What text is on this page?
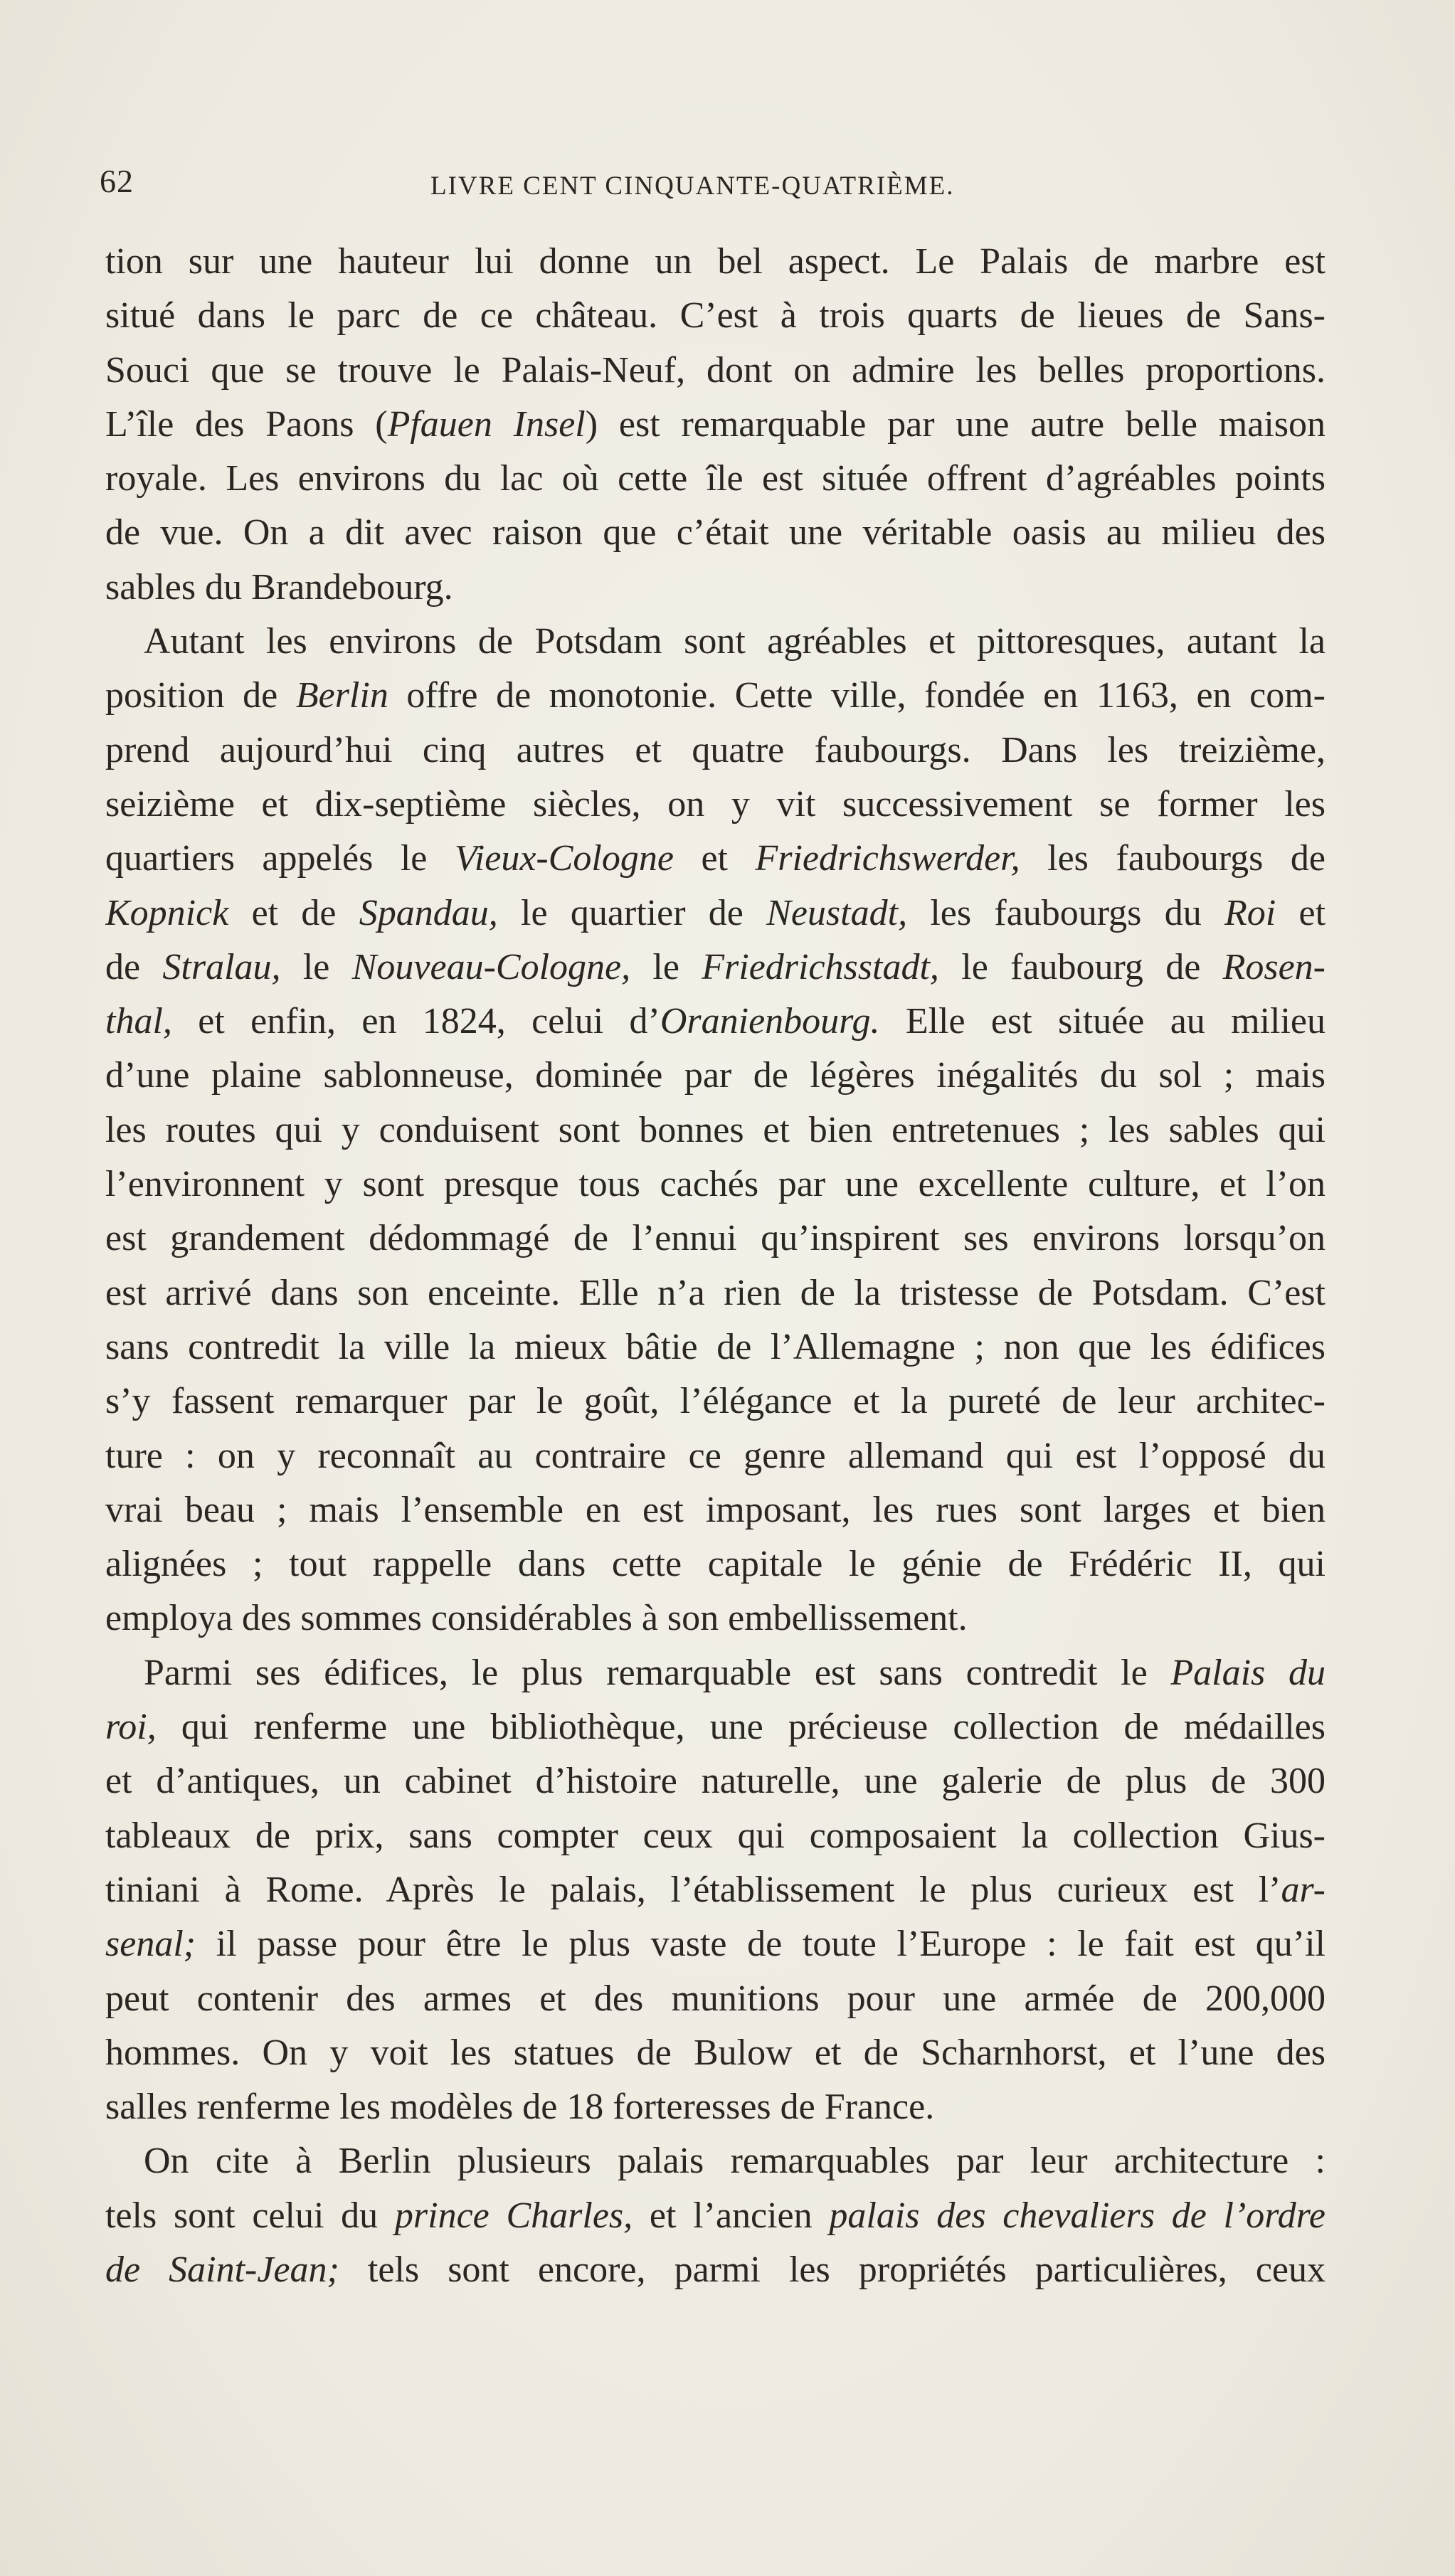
62	LIVRE CENT CINQUANTE-QUATRIÈME.
tion sur une hauteur lui donne un bel aspect. Le Palais de marbre est
situé dans le parc de ce château. C’est à trois quarts de lieues de Sans-
Souci que se trouve le Palais-Neuf, dont on admire les belles proportions.
L’île des Paons (Pfauen Insel) est remarquable par une autre belle maison
royale. Les environs du lac où cette île est située offrent d’agréables points
de vue. On a dit avec raison que c’était une véritable oasis au milieu des
sables du Brandebourg.
Autant les environs de Potsdam sont agréables et pittoresques, autant la
position de Berlin offre de monotonie. Cette ville, fondée en 1163, en com-
prend aujourd’hui cinq autres et quatre faubourgs. Dans les treizième,
seizième et dix-septième siècles, on y vit successivement se former les
quartiers appelés le Vieux-Cologne et Friedrichswerder, les faubourgs de
Kopnick et de Spandau, le quartier de Neustadt, les faubourgs du Roi et
de Stralau, le Nouveau-Cologne, le Friedrichsstadt, le faubourg de Rosen-
thal, et enfin, en 1824, celui d’Oranienbourg. Elle est située au milieu
d’une plaine sablonneuse, dominée par de légères inégalités du sol ; mais
les routes qui y conduisent sont bonnes et bien entretenues ; les sables qui
l’environnent y sont presque tous cachés par une excellente culture, et l’on
est grandement dédommagé de l’ennui qu’inspirent ses environs lorsqu’on
est arrivé dans son enceinte. Elle n’a rien de la tristesse de Potsdam. C’est
sans contredit la ville la mieux bâtie de l’Allemagne ; non que les édifices
s’y fassent remarquer par le goût, l’élégance et la pureté de leur architec-
ture : on y reconnaît au contraire ce genre allemand qui est l’opposé du
vrai beau ; mais l’ensemble en est imposant, les rues sont larges et bien
alignées ; tout rappelle dans cette capitale le génie de Frédéric II, qui
employa des sommes considérables à son embellissement.
Parmi ses édifices, le plus remarquable est sans contredit le Palais du
roi, qui renferme une bibliothèque, une précieuse collection de médailles
et d’antiques, un cabinet d’histoire naturelle, une galerie de plus de 300
tableaux de prix, sans compter ceux qui composaient la collection Gius-
tiniani à Rome. Après le palais, l’établissement le plus curieux est l’ar-
senal; il passe pour être le plus vaste de toute l’Europe : le fait est qu’il
peut contenir des armes et des munitions pour une armée de 200,000
hommes. On y voit les statues de Bulow et de Scharnhorst, et l’une des
salles renferme les modèles de 18 forteresses de France.
On cite à Berlin plusieurs palais remarquables par leur architecture :
tels sont celui du prince Charles, et l’ancien palais des chevaliers de l’ordre
de Saint-Jean; tels sont encore, parmi les propriétés particulières, ceux
